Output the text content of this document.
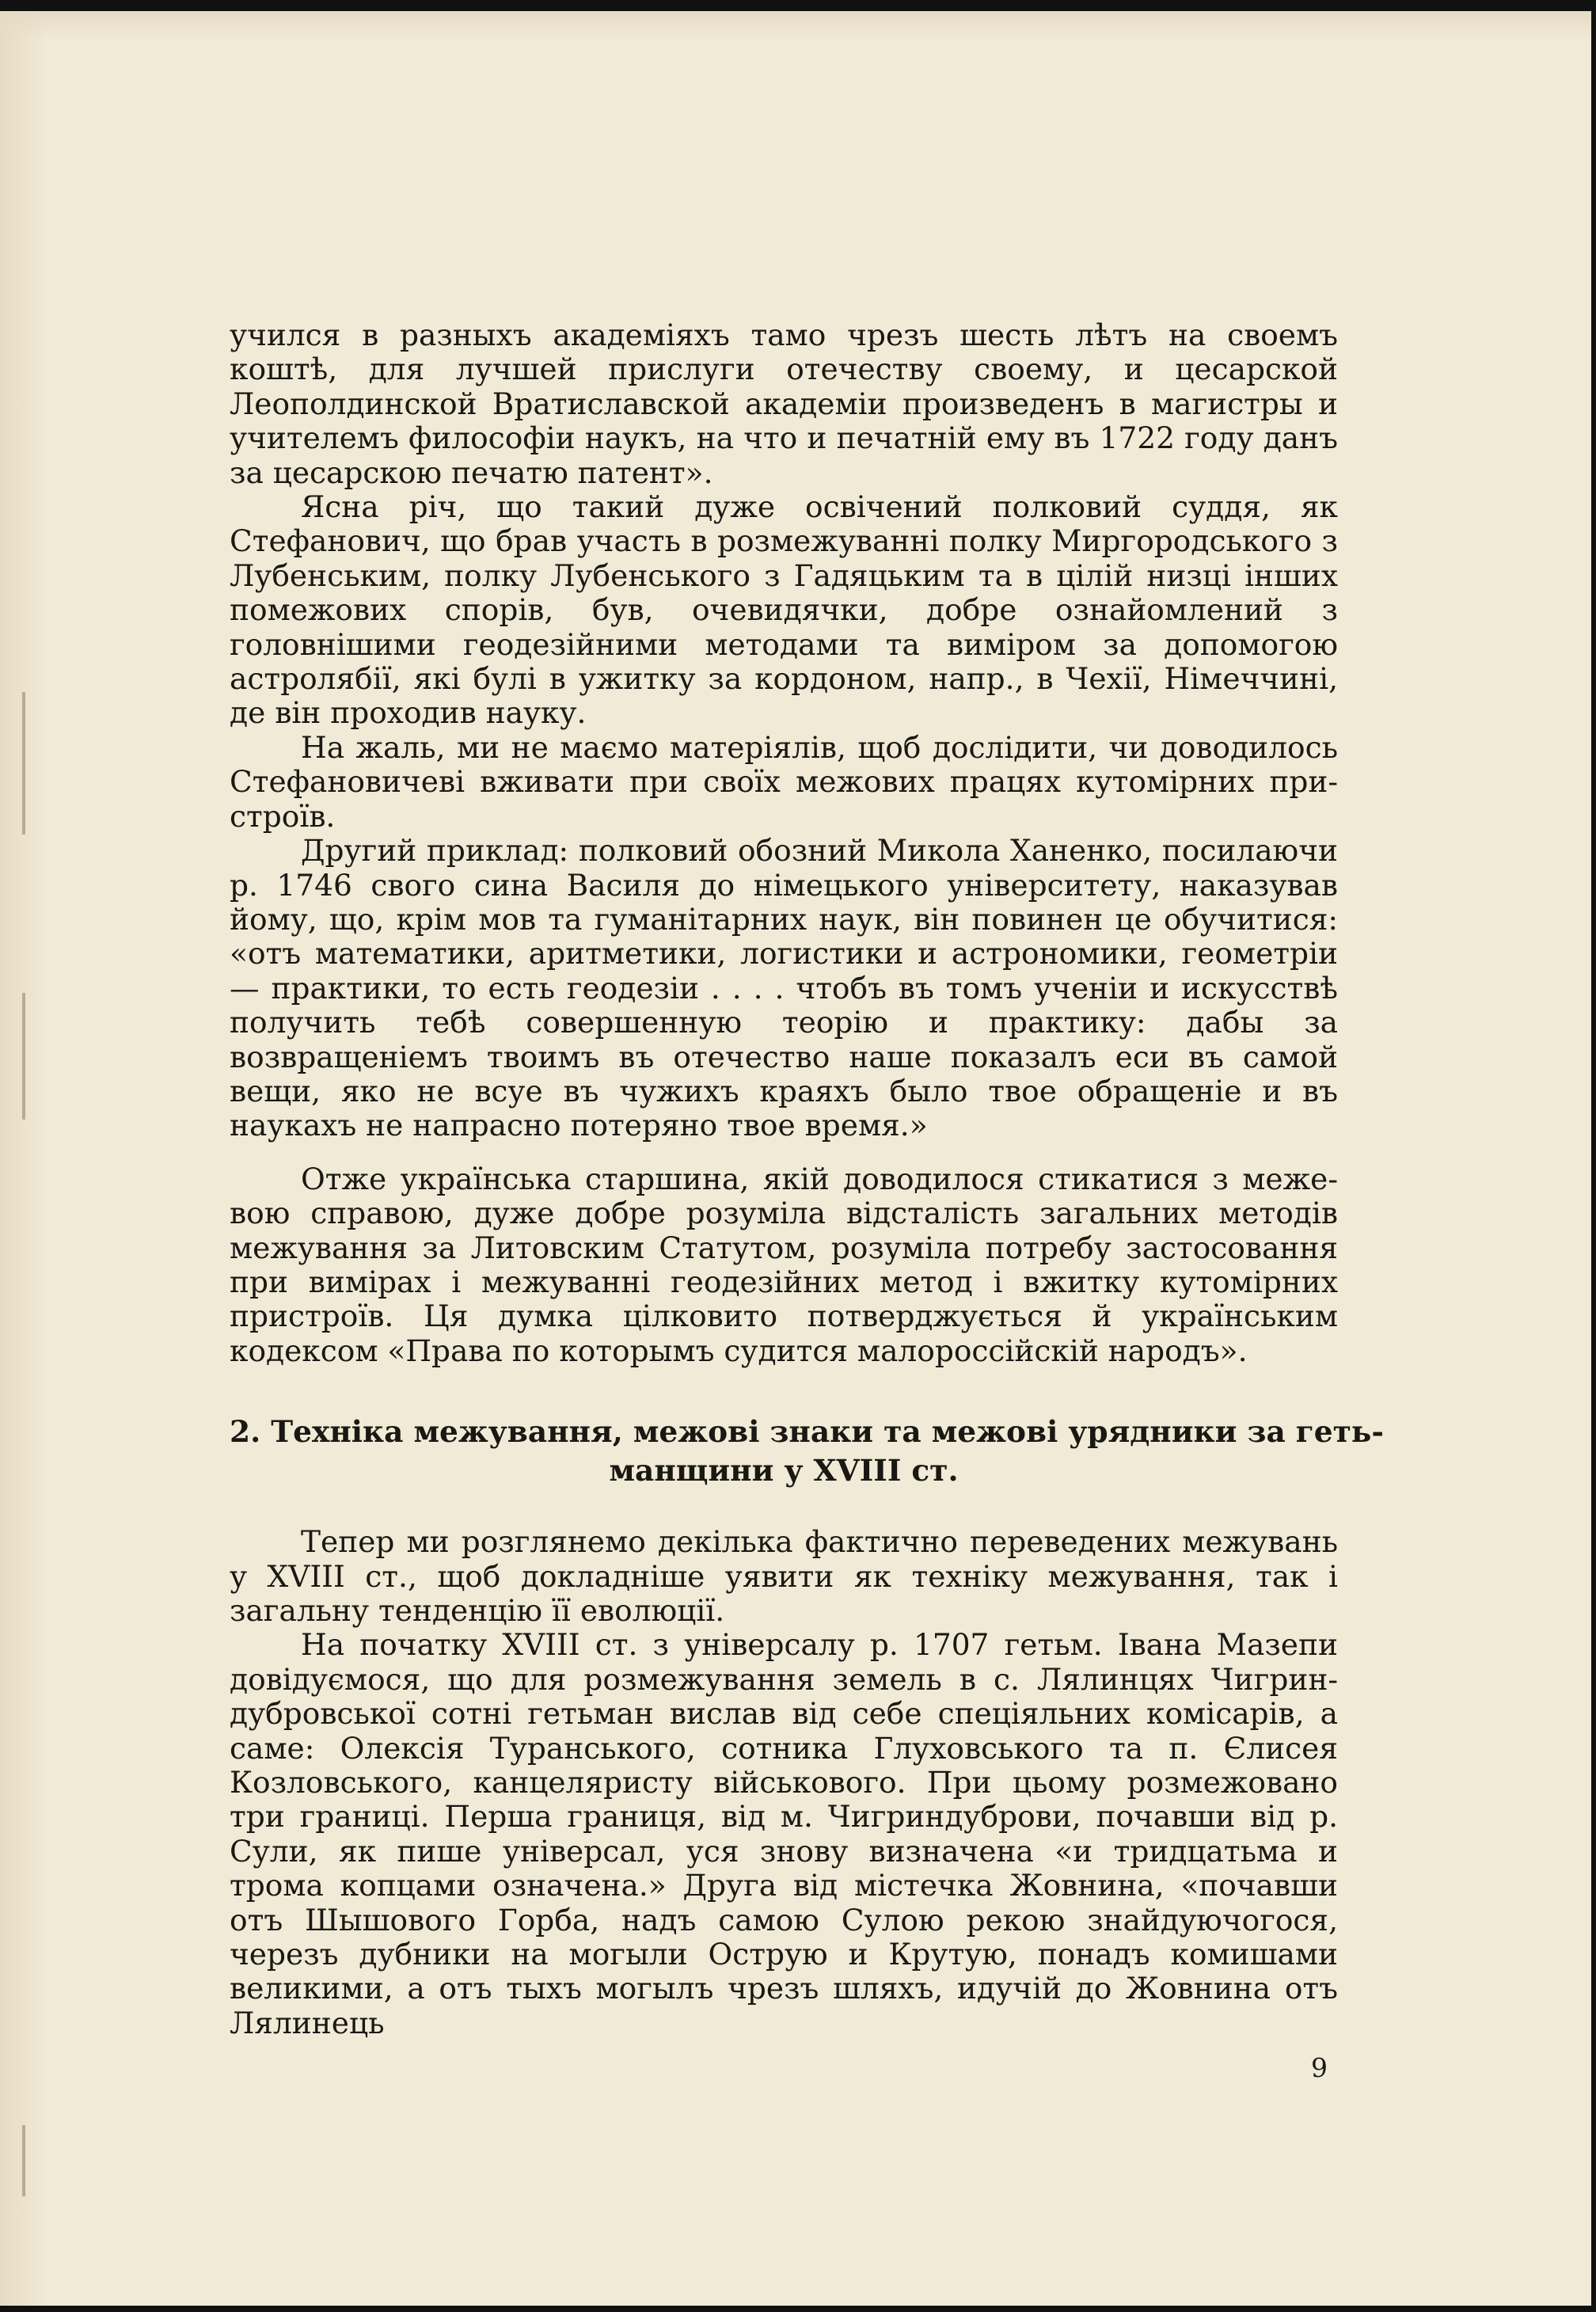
учился в разныхъ академіяхъ тамо чрезъ шесть лѣтъ на своемъ коштѣ, для лучшей прислуги отечеству своему, и цесарской Леополдинской Вратиславской академіи произведенъ в магистры и учителемъ философіи наукъ, на что и печатній ему въ 1722 году данъ за цесарскою печатю патент».

Ясна річ, що такий дуже освічений полковий суддя, як Стефанович, що брав участь в розмежуванні полку Миргородського з Лубенським, полку Лубенського з Гадяцьким та в цілій низці інших помежових спорів, був, очевидячки, добре ознайомлений з головнішими геодезійними методами та виміром за допомогою астролябії, які булі в ужитку за кордоном, напр., в Чехії, Німеччині, де він проходив науку.

На жаль, ми не маємо матеріялів, щоб дослідити, чи доводилось Стефановичеві вживати при своїх межових працях кутомірних пристроїв.

Другий приклад: полковий обозний Микола Ханенко, посилаючи р. 1746 свого сина Василя до німецького університету, наказував йому, що, крім мов та гуманітарних наук, він повинен це обучитися: «отъ математики, аритметики, логистики и астрономики, геометріи — практики, то есть геодезіи . . . . чтобъ въ томъ ученіи и искусствѣ получить тебѣ совершенную теорію и практику: дабы за возвращеніемъ твоимъ въ отечество наше показалъ еси въ самой вещи, яко не всуе въ чужихъ краяхъ было твое обращеніе и въ наукахъ не напрасно потеряно твое время.»

Отже українська старшина, якій доводилося стикатися з межевою справою, дуже добре розуміла відсталість загальних методів межування за Литовским Статутом, розуміла потребу застосовання при вимірах і межуванні геодезійних метод і вжитку кутомірних пристроїв. Ця думка цілковито потверджується й українським кодексом «Права по которымъ судится малороссійскій народъ».

2. Техніка межування, межові знаки та межові урядники за геть-
манщини у XVIII ст.

Тепер ми розглянемо декілька фактично переведених межувань у XVIII ст., щоб докладніше уявити як техніку межування, так і загальну тенденцію її еволюції.

На початку XVIII ст. з універсалу р. 1707 гетьм. Івана Мазепи довідуємося, що для розмежування земель в с. Лялинцях Чигриндубровської сотні гетьман вислав від себе спеціяльних комісарів, а саме: Олексія Туранського, сотника Глуховського та п. Єлисея Козловського, канцеляристу військового. При цьому розмежовано три границі. Перша границя, від м. Чигриндуброви, почавши від р. Сули, як пише універсал, уся знову визначена «и тридцатьма и трома копцами означена.» Друга від містечка Жовнина, «почавши отъ Шышового Горба, надъ самою Сулою рекою знайдуючогося, черезъ дубники на могыли Острую и Крутую, понадъ комишами великими, а отъ тыхъ могылъ чрезъ шляхъ, идучій до Жовнина отъ Лялинець

9
